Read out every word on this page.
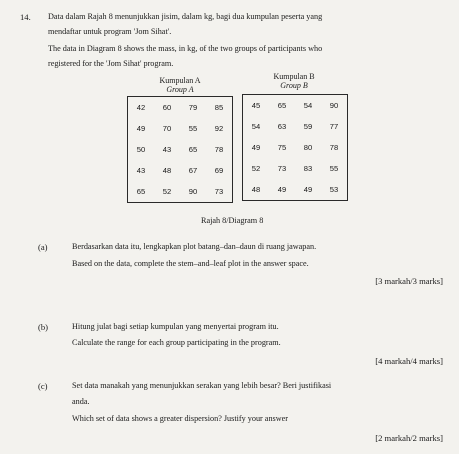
14. Data dalam Rajah 8 menunjukkan jisim, dalam kg, bagi dua kumpulan peserta yang
mendaftar untuk program 'Jom Sihat'.
The data in Diagram 8 shows the mass, in kg, of the two groups of participants who
registered for the 'Jom Sihat' program.
Kumpulan A
Group A
42	60	79	85
49	70	55	92
50	43	65	78
43	48	67	69
65	52	90	73
Kumpulan B
Group B
45	65	54	90
54	63	59	77
49	75	80	78
52	73	83	55
48	49	49	53
Rajah 8/Diagram 8
(a)	Berdasarkan data itu, lengkapkan plot batang–dan–daun di ruang jawapan.
Based on the data, complete the stem–and–leaf plot in the answer space.
[3 markah/3 marks]
(b)	Hitung julat bagi setiap kumpulan yang menyertai program itu.
Calculate the range for each group participating in the program.
[4 markah/4 marks]
(c)	Set data manakah yang menunjukkan serakan yang lebih besar? Beri justifikasi
anda.
Which set of data shows a greater dispersion? Justify your answer
[2 markah/2 marks]
